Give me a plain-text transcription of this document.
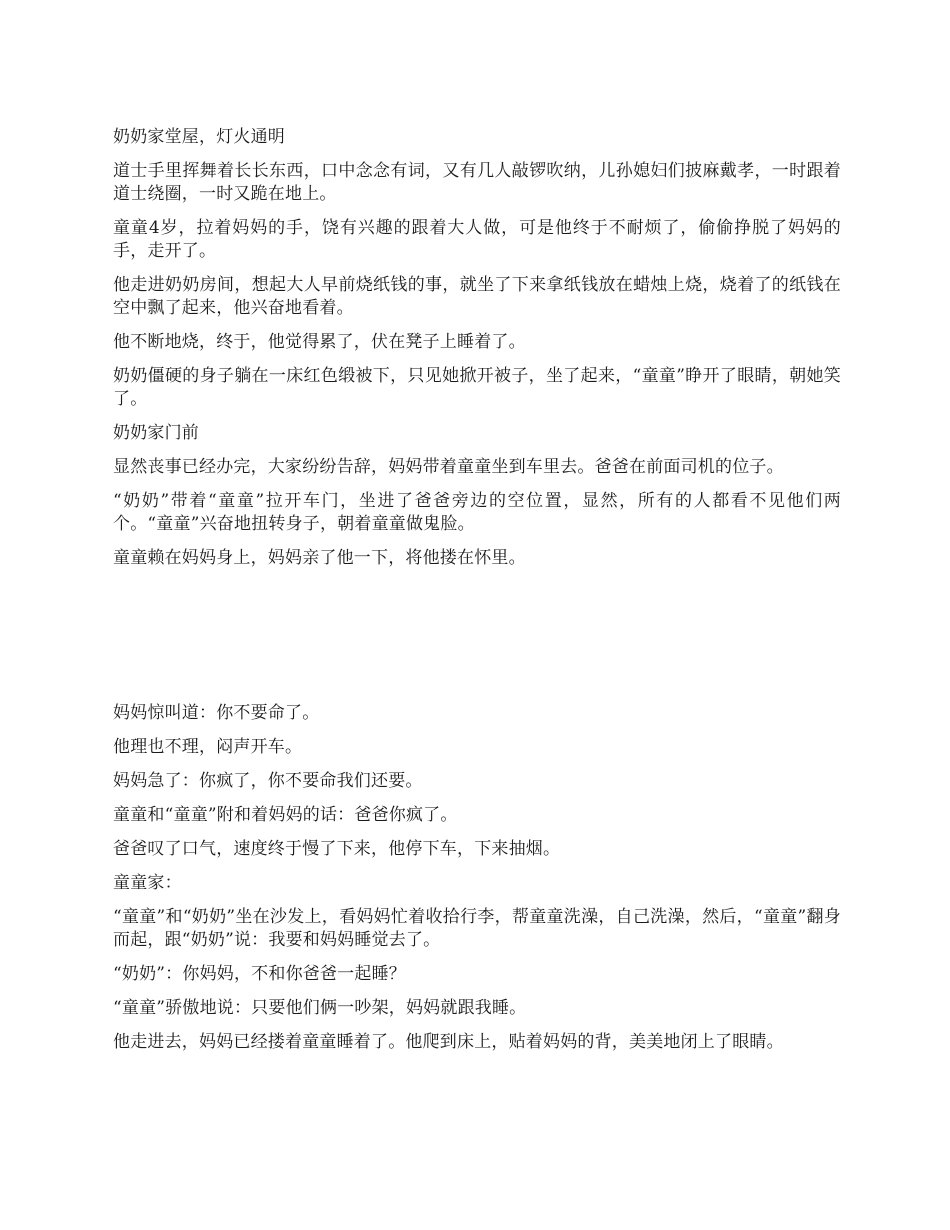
奶奶家堂屋，灯火通明

道士手里挥舞着长长东西，口中念念有词，又有几人敲锣吹纳，儿孙媳妇们披麻戴孝，一时跟着道士绕圈，一时又跪在地上。

童童4岁，拉着妈妈的手，饶有兴趣的跟着大人做，可是他终于不耐烦了，偷偷挣脱了妈妈的手，走开了。

他走进奶奶房间，想起大人早前烧纸钱的事，就坐了下来拿纸钱放在蜡烛上烧，烧着了的纸钱在空中飘了起来，他兴奋地看着。

他不断地烧，终于，他觉得累了，伏在凳子上睡着了。

奶奶僵硬的身子躺在一床红色缎被下，只见她掀开被子，坐了起来，“童童”睁开了眼睛，朝她笑了。

奶奶家门前

显然丧事已经办完，大家纷纷告辞，妈妈带着童童坐到车里去。爸爸在前面司机的位子。

“奶奶”带着“童童”拉开车门，坐进了爸爸旁边的空位置，显然，所有的人都看不见他们两个。“童童”兴奋地扭转身子，朝着童童做鬼脸。

童童赖在妈妈身上，妈妈亲了他一下，将他搂在怀里。

妈妈惊叫道：你不要命了。

他理也不理，闷声开车。

妈妈急了：你疯了，你不要命我们还要。

童童和“童童”附和着妈妈的话：爸爸你疯了。

爸爸叹了口气，速度终于慢了下来，他停下车，下来抽烟。

童童家：

“童童”和“奶奶”坐在沙发上，看妈妈忙着收拾行李，帮童童洗澡，自己洗澡，然后，“童童”翻身而起，跟“奶奶”说：我要和妈妈睡觉去了。

“奶奶”：你妈妈，不和你爸爸一起睡？

“童童”骄傲地说：只要他们俩一吵架，妈妈就跟我睡。

他走进去，妈妈已经搂着童童睡着了。他爬到床上，贴着妈妈的背，美美地闭上了眼睛。
